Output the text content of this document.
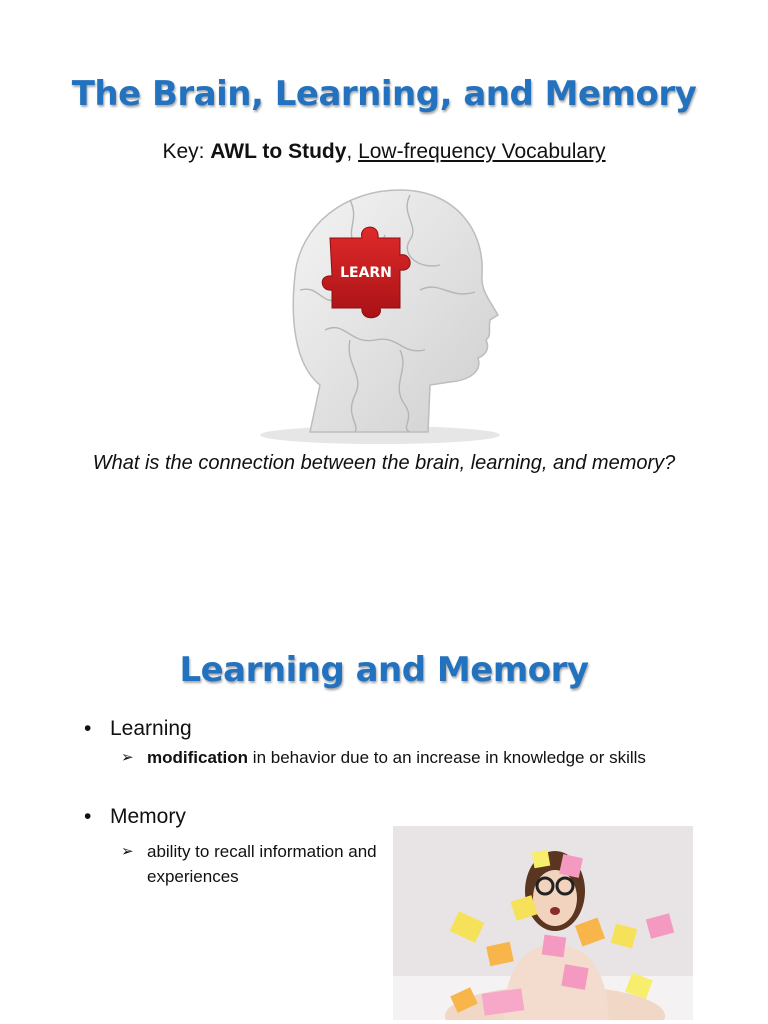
The Brain, Learning, and Memory
Key: AWL to Study, Low-frequency Vocabulary
LEARN
What is the connection between the brain, learning, and memory?
Learning and Memory
• Learning
➢ modification in behavior due to an increase in knowledge or skills
• Memory
➢ ability to recall information and experiences
